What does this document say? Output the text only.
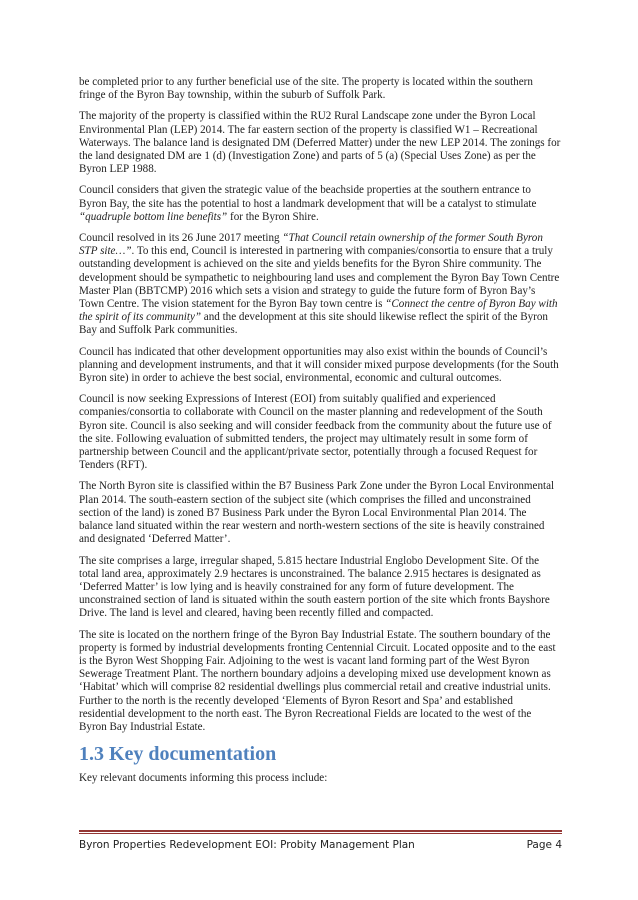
be completed prior to any further beneficial use of the site. The property is located within the southern fringe of the Byron Bay township, within the suburb of Suffolk Park.

The majority of the property is classified within the RU2 Rural Landscape zone under the Byron Local Environmental Plan (LEP) 2014. The far eastern section of the property is classified W1 – Recreational Waterways. The balance land is designated DM (Deferred Matter) under the new LEP 2014. The zonings for the land designated DM are 1 (d) (Investigation Zone) and parts of 5 (a) (Special Uses Zone) as per the Byron LEP 1988.

Council considers that given the strategic value of the beachside properties at the southern entrance to Byron Bay, the site has the potential to host a landmark development that will be a catalyst to stimulate “quadruple bottom line benefits” for the Byron Shire.

Council resolved in its 26 June 2017 meeting “That Council retain ownership of the former South Byron STP site…”. To this end, Council is interested in partnering with companies/consortia to ensure that a truly outstanding development is achieved on the site and yields benefits for the Byron Shire community. The development should be sympathetic to neighbouring land uses and complement the Byron Bay Town Centre Master Plan (BBTCMP) 2016 which sets a vision and strategy to guide the future form of Byron Bay’s Town Centre. The vision statement for the Byron Bay town centre is “Connect the centre of Byron Bay with the spirit of its community” and the development at this site should likewise reflect the spirit of the Byron Bay and Suffolk Park communities.

Council has indicated that other development opportunities may also exist within the bounds of Council’s planning and development instruments, and that it will consider mixed purpose developments (for the South Byron site) in order to achieve the best social, environmental, economic and cultural outcomes.

Council is now seeking Expressions of Interest (EOI) from suitably qualified and experienced companies/consortia to collaborate with Council on the master planning and redevelopment of the South Byron site. Council is also seeking and will consider feedback from the community about the future use of the site. Following evaluation of submitted tenders, the project may ultimately result in some form of partnership between Council and the applicant/private sector, potentially through a focused Request for Tenders (RFT).

The North Byron site is classified within the B7 Business Park Zone under the Byron Local Environmental Plan 2014. The south-eastern section of the subject site (which comprises the filled and unconstrained section of the land) is zoned B7 Business Park under the Byron Local Environmental Plan 2014. The balance land situated within the rear western and north-western sections of the site is heavily constrained and designated ‘Deferred Matter’.

The site comprises a large, irregular shaped, 5.815 hectare Industrial Englobo Development Site. Of the total land area, approximately 2.9 hectares is unconstrained. The balance 2.915 hectares is designated as ‘Deferred Matter’ is low lying and is heavily constrained for any form of future development. The unconstrained section of land is situated within the south eastern portion of the site which fronts Bayshore Drive. The land is level and cleared, having been recently filled and compacted.

The site is located on the northern fringe of the Byron Bay Industrial Estate. The southern boundary of the property is formed by industrial developments fronting Centennial Circuit. Located opposite and to the east is the Byron West Shopping Fair. Adjoining to the west is vacant land forming part of the West Byron Sewerage Treatment Plant. The northern boundary adjoins a developing mixed use development known as ‘Habitat’ which will comprise 82 residential dwellings plus commercial retail and creative industrial units. Further to the north is the recently developed ‘Elements of Byron Resort and Spa’ and established residential development to the north east. The Byron Recreational Fields are located to the west of the Byron Bay Industrial Estate.

1.3 Key documentation

Key relevant documents informing this process include:

Byron Properties Redevelopment EOI: Probity Management Plan	Page 4
